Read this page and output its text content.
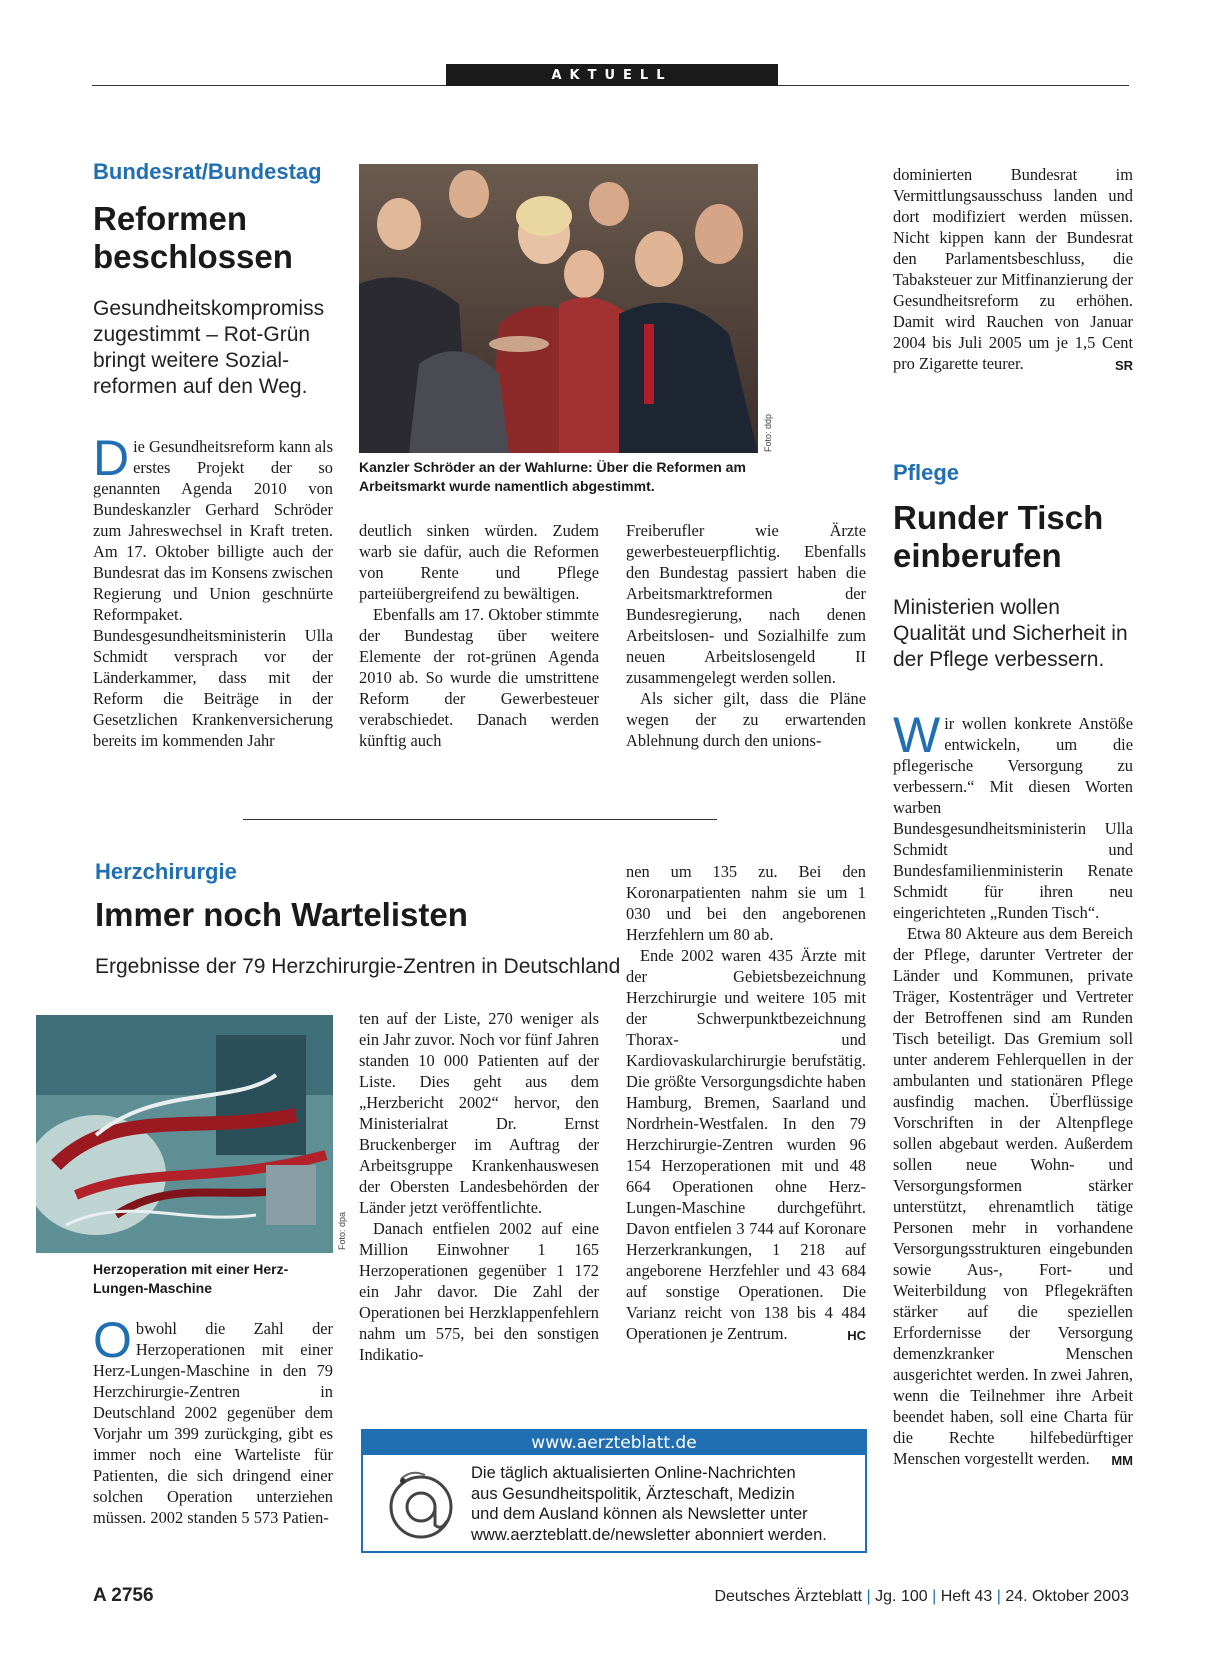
AKTUELL
Bundesrat/Bundestag
Reformen beschlossen
Gesundheitskompromiss zugestimmt – Rot-Grün bringt weitere Sozialreformen auf den Weg.
Foto: ddp
Kanzler Schröder an der Wahlurne: Über die Reformen am Arbeitsmarkt wurde namentlich abgestimmt.

Die Gesundheitsreform kann als erstes Projekt der so genannten Agenda 2010 von Bundeskanzler Gerhard Schröder zum Jahreswechsel in Kraft treten. Am 17. Oktober billigte auch der Bundesrat das im Konsens zwischen Regierung und Union geschnürte Reformpaket. Bundesgesundheitsministerin Ulla Schmidt versprach vor der Länderkammer, dass mit der Reform die Beiträge in der Gesetzlichen Krankenversicherung bereits im kommenden Jahr

deutlich sinken würden. Zudem warb sie dafür, auch die Reformen von Rente und Pflege parteiübergreifend zu bewältigen.

Ebenfalls am 17. Oktober stimmte der Bundestag über weitere Elemente der rot-grünen Agenda 2010 ab. So wurde die umstrittene Reform der Gewerbesteuer verabschiedet. Danach werden künftig auch

Freiberufler wie Ärzte gewerbesteuerpflichtig. Ebenfalls den Bundestag passiert haben die Arbeitsmarktreformen der Bundesregierung, nach denen Arbeitslosen- und Sozialhilfe zum neuen Arbeitslosengeld II zusammengelegt werden sollen.

Als sicher gilt, dass die Pläne wegen der zu erwartenden Ablehnung durch den unions-

dominierten Bundesrat im Vermittlungsausschuss landen und dort modifiziert werden müssen. Nicht kippen kann der Bundesrat den Parlamentsbeschluss, die Tabaksteuer zur Mitfinanzierung der Gesundheitsreform zu erhöhen. Damit wird Rauchen von Januar 2004 bis Juli 2005 um je 1,5 Cent pro Zigarette teurer.	SR

Pflege
Runder Tisch einberufen
Ministerien wollen Qualität und Sicherheit in der Pflege verbessern.

Wir wollen konkrete Anstöße entwickeln, um die pflegerische Versorgung zu verbessern.“ Mit diesen Worten warben Bundesgesundheitsministerin Ulla Schmidt und Bundesfamilienministerin Renate Schmidt für ihren neu eingerichteten „Runden Tisch“.

Etwa 80 Akteure aus dem Bereich der Pflege, darunter Vertreter der Länder und Kommunen, private Träger, Kostenträger und Vertreter der Betroffenen sind am Runden Tisch beteiligt. Das Gremium soll unter anderem Fehlerquellen in der ambulanten und stationären Pflege ausfindig machen. Überflüssige Vorschriften in der Altenpflege sollen abgebaut werden. Außerdem sollen neue Wohn- und Versorgungsformen stärker unterstützt, ehrenamtlich tätige Personen mehr in vorhandene Versorgungsstrukturen eingebunden sowie Aus-, Fort- und Weiterbildung von Pflegekräften stärker auf die speziellen Erfordernisse der Versorgung demenzkranker Menschen ausgerichtet werden. In zwei Jahren, wenn die Teilnehmer ihre Arbeit beendet haben, soll eine Charta für die Rechte hilfebedürftiger Menschen vorgestellt werden.	MM

Herzchirurgie
Immer noch Wartelisten
Ergebnisse der 79 Herzchirurgie-Zentren in Deutschland
Foto: dpa
Herzoperation mit einer Herz-Lungen-Maschine

Obwohl die Zahl der Herzoperationen mit einer Herz-Lungen-Maschine in den 79 Herzchirurgie-Zentren in Deutschland 2002 gegenüber dem Vorjahr um 399 zurückging, gibt es immer noch eine Warteliste für Patienten, die sich dringend einer solchen Operation unterziehen müssen. 2002 standen 5 573 Patien-

ten auf der Liste, 270 weniger als ein Jahr zuvor. Noch vor fünf Jahren standen 10 000 Patienten auf der Liste. Dies geht aus dem „Herzbericht 2002“ hervor, den Ministerialrat Dr. Ernst Bruckenberger im Auftrag der Arbeitsgruppe Krankenhauswesen der Obersten Landesbehörden der Länder jetzt veröffentlichte.

Danach entfielen 2002 auf eine Million Einwohner 1 165 Herzoperationen gegenüber 1 172 ein Jahr davor. Die Zahl der Operationen bei Herzklappenfehlern nahm um 575, bei den sonstigen Indikatio-

nen um 135 zu. Bei den Koronarpatienten nahm sie um 1 030 und bei den angeborenen Herzfehlern um 80 ab.

Ende 2002 waren 435 Ärzte mit der Gebietsbezeichnung Herzchirurgie und weitere 105 mit der Schwerpunktbezeichnung Thorax- und Kardiovaskularchirurgie berufstätig. Die größte Versorgungsdichte haben Hamburg, Bremen, Saarland und Nordrhein-Westfalen. In den 79 Herzchirurgie-Zentren wurden 96 154 Herzoperationen mit und 48 664 Operationen ohne Herz-Lungen-Maschine durchgeführt. Davon entfielen 3 744 auf Koronare Herzerkrankungen, 1 218 auf angeborene Herzfehler und 43 684 auf sonstige Operationen. Die Varianz reicht von 138 bis 4 484 Operationen je Zentrum.	HC

www.aerzteblatt.de
Die täglich aktualisierten Online-Nachrichten
aus Gesundheitspolitik, Ärzteschaft, Medizin
und dem Ausland können als Newsletter unter
www.aerzteblatt.de/newsletter abonniert werden.
A 2756	Deutsches Ärzteblatt | Jg. 100 | Heft 43 | 24. Oktober 2003
